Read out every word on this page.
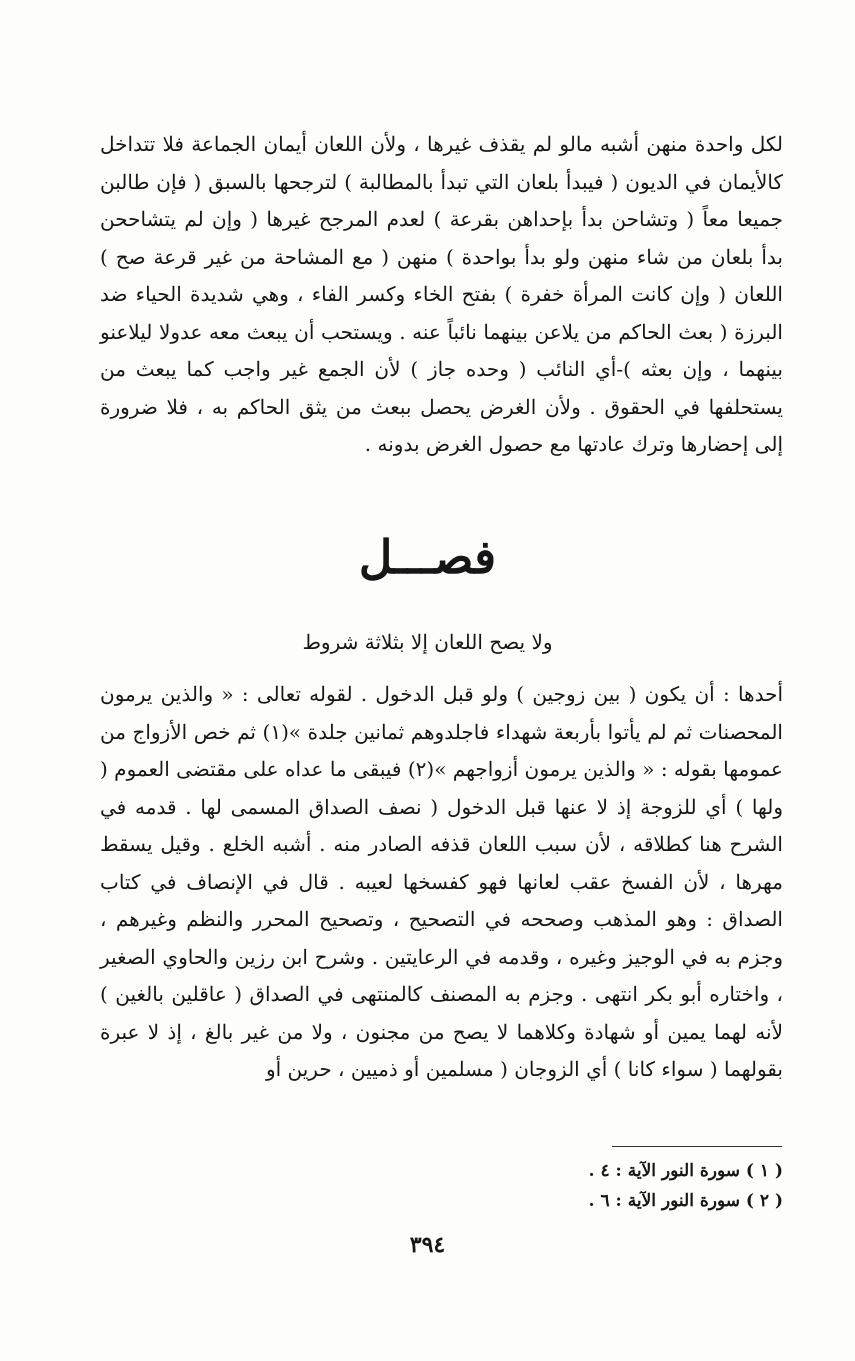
لكل واحدة منهن أشبه مالو لم يقذف غيرها ، ولأن اللعان أيمان الجماعة فلا تتداخل كالأيمان في الديون ( فيبدأ بلعان التي تبدأ بالمطالبة ) لترجحها بالسبق ( فإن طالبن جميعا معاً ( وتشاحن بدأ بإحداهن بقرعة ) لعدم المرجح غيرها ( وإن لم يتشاححن بدأ بلعان من شاء منهن ولو بدأ بواحدة ) منهن ( مع المشاحة من غير قرعة صح ) اللعان ( وإن كانت المرأة خفرة ) بفتح الخاء وكسر الفاء ، وهي شديدة الحياء ضد البرزة ( بعث الحاكم من يلاعن بينهما نائباً عنه . ويستحب أن يبعث معه عدولا ليلاعنو بينهما ، وإن بعثه )-أي النائب ( وحده جاز ) لأن الجمع غير واجب كما يبعث من يستحلفها في الحقوق . ولأن الغرض يحصل ببعث من يثق الحاكم به ، فلا ضرورة إلى إحضارها وترك عادتها مع حصول الغرض بدونه .

فصـــل

ولا يصح اللعان إلا بثلاثة شروط

أحدها : أن يكون ( بين زوجين ) ولو قبل الدخول . لقوله تعالى : « والذين يرمون المحصنات ثم لم يأتوا بأربعة شهداء فاجلدوهم ثمانين جلدة »(١) ثم خص الأزواج من عمومها بقوله : « والذين يرمون أزواجهم »(٢) فيبقى ما عداه على مقتضى العموم ( ولها ) أي للزوجة إذ لا عنها قبل الدخول ( نصف الصداق المسمى لها . قدمه في الشرح هنا كطلاقه ، لأن سبب اللعان قذفه الصادر منه . أشبه الخلع . وقيل يسقط مهرها ، لأن الفسخ عقب لعانها فهو كفسخها لعيبه . قال في الإنصاف في كتاب الصداق : وهو المذهب وصححه في التصحيح ، وتصحيح المحرر والنظم وغيرهم ، وجزم به في الوجيز وغيره ، وقدمه في الرعايتين . وشرح ابن رزين والحاوي الصغير ، واختاره أبو بكر انتهى . وجزم به المصنف كالمنتهى في الصداق ( عاقلين بالغين ) لأنه لهما يمين أو شهادة وكلاهما لا يصح من مجنون ، ولا من غير بالغ ، إذ لا عبرة بقولهما ( سواء كانا ) أي الزوجان ( مسلمين أو ذميين ، حرين أو

( ١ ) سورة النور الآية : ٤ .

( ٢ ) سورة النور الآية : ٦ .

٣٩٤
